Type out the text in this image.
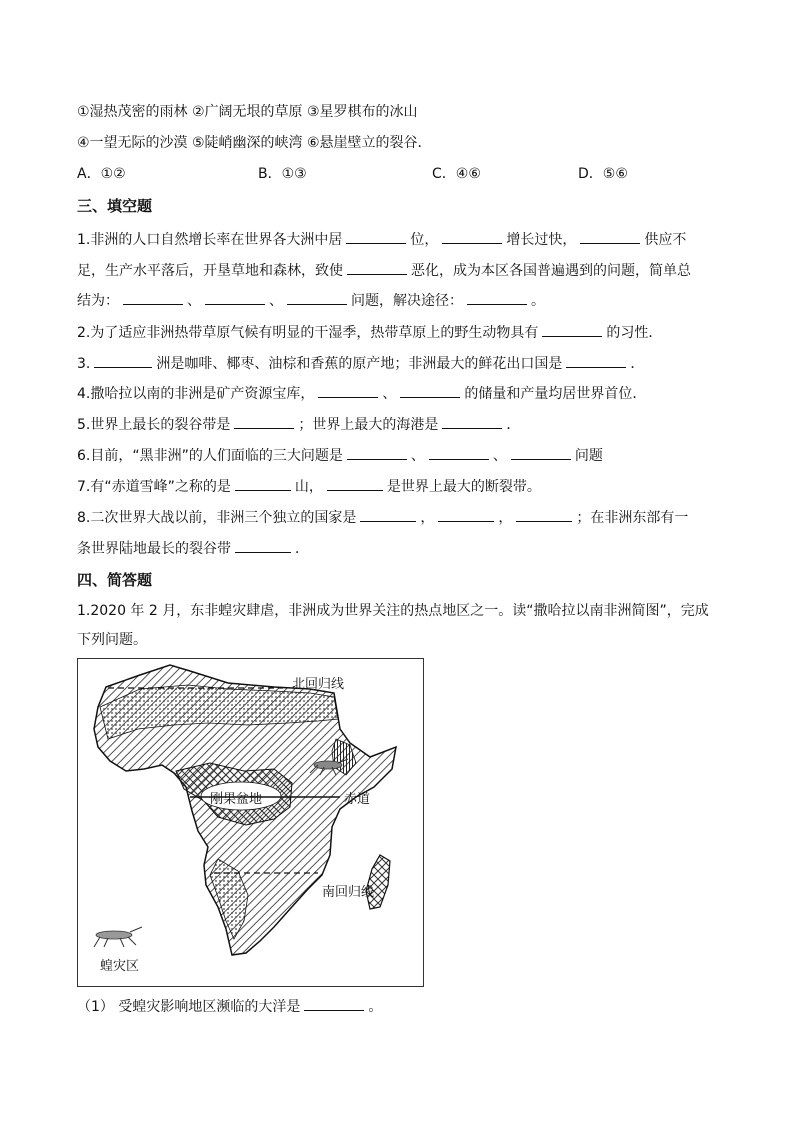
①湿热茂密的雨林 ②广阔无垠的草原 ③星罗棋布的冰山
④一望无际的沙漠 ⑤陡峭幽深的峡湾 ⑥悬崖壁立的裂谷．
A．①②	B．①③	C．④⑥	D．⑤⑥
三、填空题
1.非洲的人口自然增长率在世界各大洲中居	位，	增长过快，	供应不
足，生产水平落后，开垦草地和森林，致使	恶化，成为本区各国普遍遇到的问题，简单总
结为：	、	、	问题，解决途径：	。
2.为了适应非洲热带草原气候有明显的干湿季，热带草原上的野生动物具有	的习性．
3.	洲是咖啡、椰枣、油棕和香蕉的原产地；非洲最大的鲜花出口国是	．
4.撒哈拉以南的非洲是矿产资源宝库，	、	的储量和产量均居世界首位．
5.世界上最长的裂谷带是	；世界上最大的海港是	．
6.目前，“黑非洲”的人们面临的三大问题是	、	、	问题
7.有“赤道雪峰”之称的是	山，	是世界上最大的断裂带。
8.二次世界大战以前，非洲三个独立的国家是	，	，	；在非洲东部有一
条世界陆地最长的裂谷带	．
四、简答题
1.2020 年 2 月，东非蝗灾肆虐，非洲成为世界关注的热点地区之一。读“撒哈拉以南非洲简图”，完成
下列问题。
北回归线
刚果盆地	赤道
南回归线
蝗灾区
（1） 受蝗灾影响地区濒临的大洋是	。
